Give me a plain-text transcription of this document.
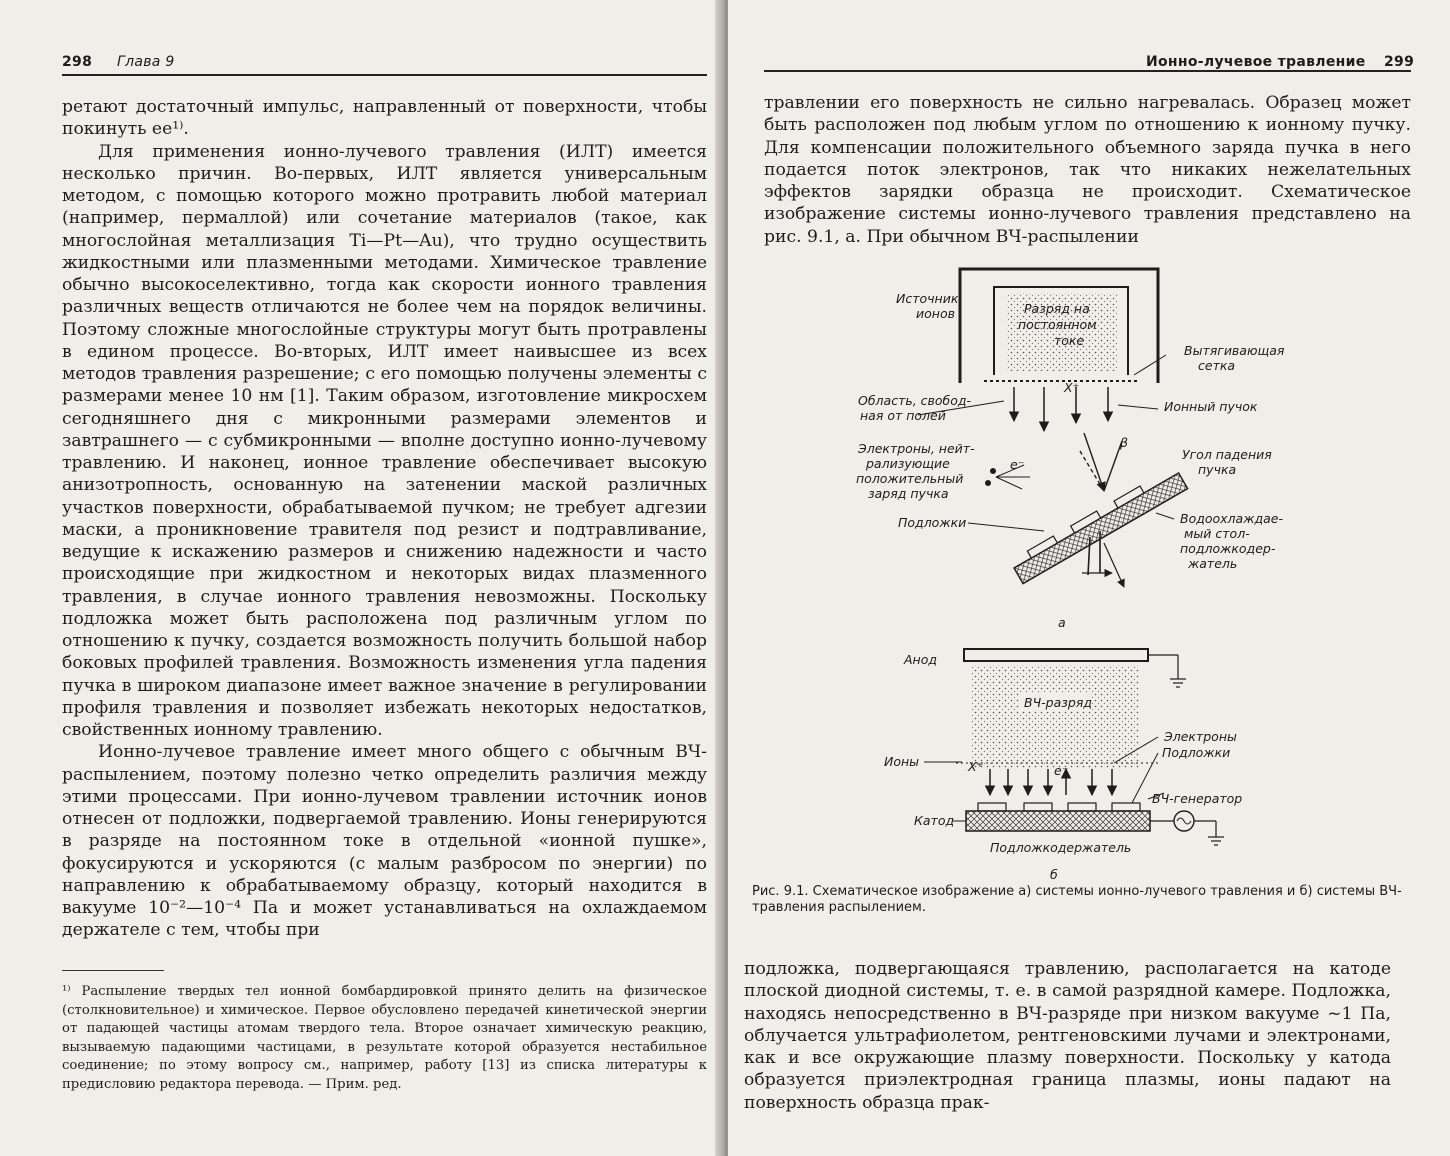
298 Глава 9

ретают достаточный импульс, направленный от поверхности, чтобы покинуть ее¹⁾.

Для применения ионно-лучевого травления (ИЛТ) имеется несколько причин. Во-первых, ИЛТ является универсальным методом, с помощью которого можно протравить любой материал (например, пермаллой) или сочетание материалов (такое, как многослойная металлизация Ti—Pt—Au), что трудно осуществить жидкостными или плазменными методами. Химическое травление обычно высокоселективно, тогда как скорости ионного травления различных веществ отличаются не более чем на порядок величины. Поэтому сложные многослойные структуры могут быть протравлены в едином процессе. Во-вторых, ИЛТ имеет наивысшее из всех методов травления разрешение; с его помощью получены элементы с размерами менее 10 нм [1]. Таким образом, изготовление микросхем сегодняшнего дня с микронными размерами элементов и завтрашнего — с субмикронными — вполне доступно ионно-лучевому травлению. И наконец, ионное травление обеспечивает высокую анизотропность, основанную на затенении маской различных участков поверхности, обрабатываемой пучком; не требует адгезии маски, а проникновение травителя под резист и подтравливание, ведущие к искажению размеров и снижению надежности и часто происходящие при жидкостном и некоторых видах плазменного травления, в случае ионного травления невозможны. Поскольку подложка может быть расположена под различным углом по отношению к пучку, создается возможность получить большой набор боковых профилей травления. Возможность изменения угла падения пучка в широком диапазоне имеет важное значение в регулировании профиля травления и позволяет избежать некоторых недостатков, свойственных ионному травлению.

Ионно-лучевое травление имеет много общего с обычным ВЧ-распылением, поэтому полезно четко определить различия между этими процессами. При ионно-лучевом травлении источник ионов отнесен от подложки, подвергаемой травлению. Ионы генерируются в разряде на постоянном токе в отдельной «ионной пушке», фокусируются и ускоряются (с малым разбросом по энергии) по направлению к обрабатываемому образцу, который находится в вакууме 10⁻²—10⁻⁴ Па и может устанавливаться на охлаждаемом держателе с тем, чтобы при

¹⁾ Распыление твердых тел ионной бомбардировкой принято делить на физическое (столкновительное) и химическое. Первое обусловлено передачей кинетической энергии от падающей частицы атомам твердого тела. Второе означает химическую реакцию, вызываемую падающими частицами, в результате которой образуется нестабильное соединение; по этому вопросу см., например, работу [13] из списка литературы к предисловию редактора перевода. — Прим. ред.
Ионно-лучевое травление 299

травлении его поверхность не сильно нагревалась. Образец может быть расположен под любым углом по отношению к ионному пучку. Для компенсации положительного объемного заряда пучка в него подается поток электронов, так что никаких нежелательных эффектов зарядки образца не происходит. Схематическое изображение системы ионно-лучевого травления представлено на рис. 9.1, а. При обычном ВЧ-распылении

Источник
ионов	Разряд на
постоянном
токе
Вытягивающая
сетка
X⁺
Область, свобод-
ная от полей
Ионный пучок
Электроны, нейт-
рализующие
положительный
заряд пучка
e⁻
β
Угол падения
пучка
Подложки	Водоохлаждае-
мый стол-
подложкодер-
жатель
а
Анод
ВЧ-разряд
Электроны
Подложки
Ионы	X⁺	e⁻
ВЧ-генератор
Катод
Подложкодержатель
б
Рис. 9.1. Схематическое изображение а) системы ионно-лучевого травления и б) системы ВЧ-травления распылением.

подложка, подвергающаяся травлению, располагается на катоде плоской диодной системы, т. е. в самой разрядной камере. Подложка, находясь непосредственно в ВЧ-разряде при низком вакууме ~1 Па, облучается ультрафиолетом, рентгеновскими лучами и электронами, как и все окружающие плазму поверхности. Поскольку у катода образуется приэлектродная граница плазмы, ионы падают на поверхность образца прак-
